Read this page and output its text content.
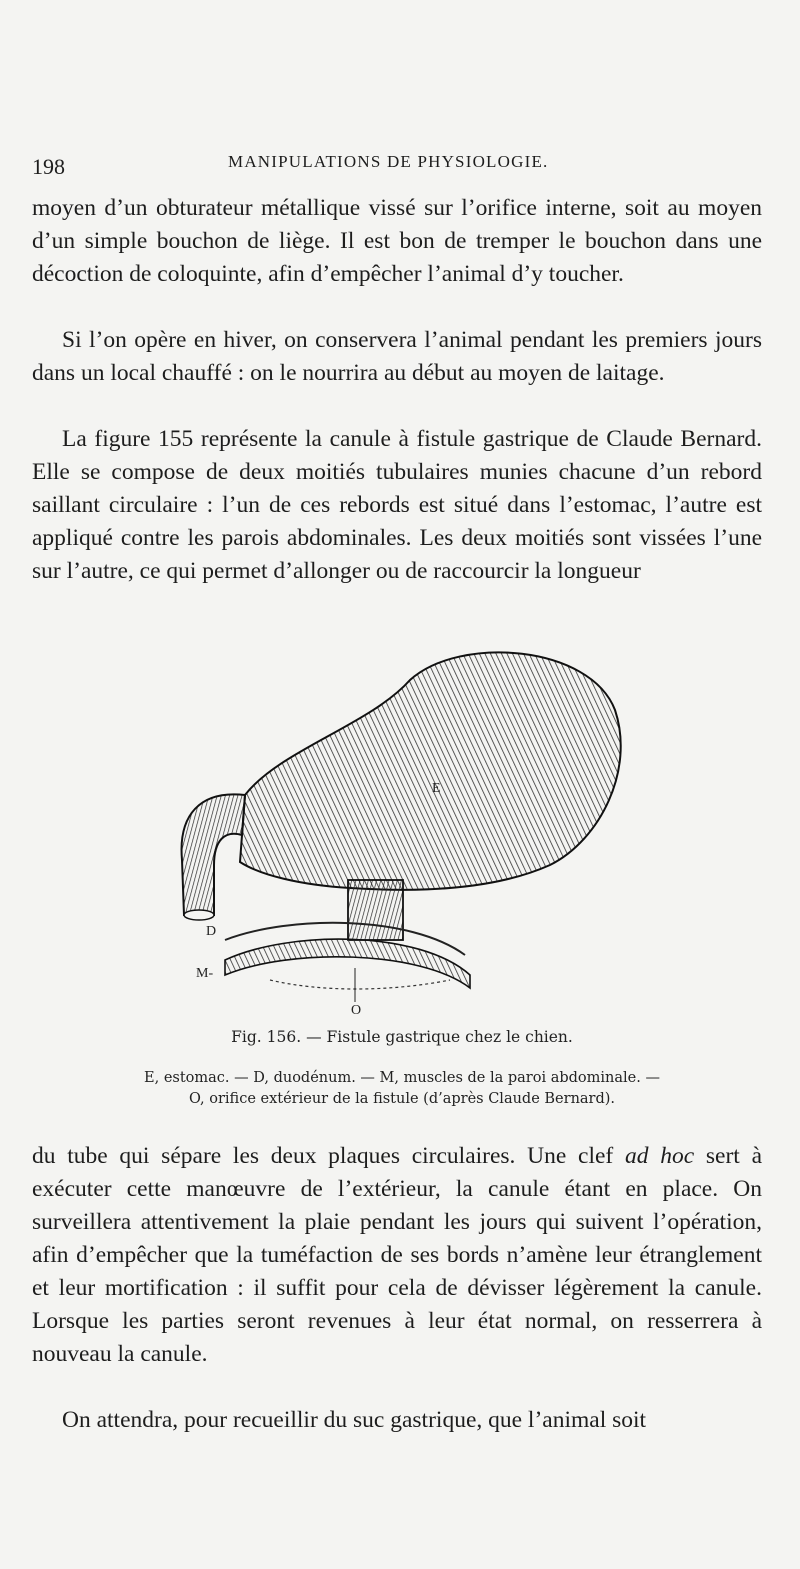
198	MANIPULATIONS DE PHYSIOLOGIE.

moyen d’un obturateur métallique vissé sur l’orifice interne, soit au moyen d’un simple bouchon de liège. Il est bon de tremper le bouchon dans une décoction de coloquinte, afin d’empêcher l’animal d’y toucher.

Si l’on opère en hiver, on conservera l’animal pendant les premiers jours dans un local chauffé : on le nourrira au début au moyen de laitage.

La figure 155 représente la canule à fistule gastrique de Claude Bernard. Elle se compose de deux moitiés tubulaires munies chacune d’un rebord saillant circulaire : l’un de ces rebords est situé dans l’estomac, l’autre est appliqué contre les parois abdominales. Les deux moitiés sont vissées l’une sur l’autre, ce qui permet d’allonger ou de raccourcir la longueur

E
D
M-
O
Fig. 156. — Fistule gastrique chez le chien.
E, estomac. — D, duodénum. — M, muscles de la paroi abdominale. —
O, orifice extérieur de la fistule (d’après Claude Bernard).

du tube qui sépare les deux plaques circulaires. Une clef ad hoc sert à exécuter cette manœuvre de l’extérieur, la canule étant en place. On surveillera attentivement la plaie pendant les jours qui suivent l’opération, afin d’empêcher que la tuméfaction de ses bords n’amène leur étranglement et leur mortification : il suffit pour cela de dévisser légèrement la canule. Lorsque les parties seront revenues à leur état normal, on resserrera à nouveau la canule.

On attendra, pour recueillir du suc gastrique, que l’animal soit
